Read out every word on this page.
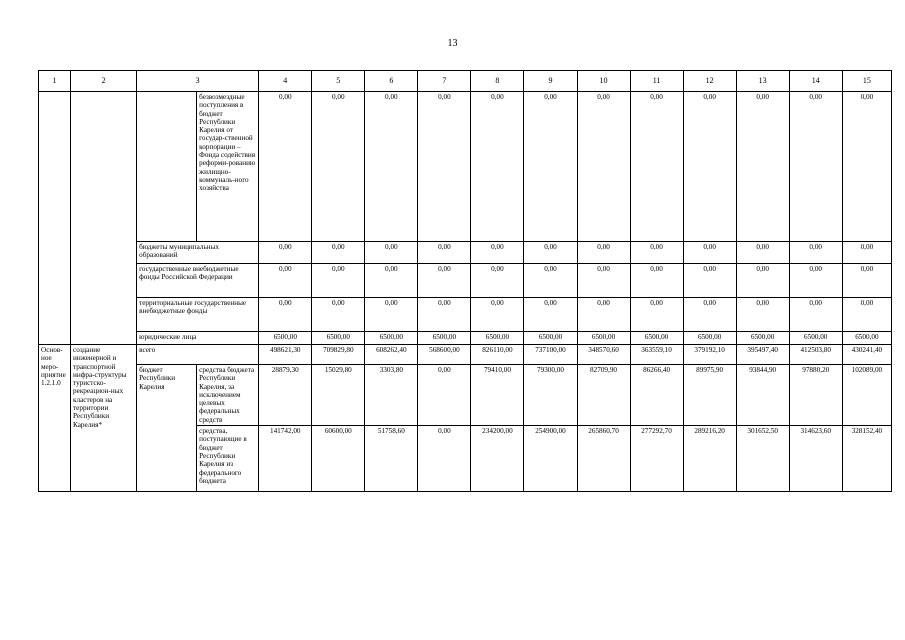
13
1	2	3		4	5	6	7	8	9	10	11	12	13	14	15
			безвозмездные поступления в бюджет Республики Карелия от государ-ственной корпорации – Фонда содействия реформи-рованию жилищно-коммуналь-ного хозяйства	0,00	0,00	0,00	0,00	0,00	0,00	0,00	0,00	0,00	0,00	0,00	0,00
		бюджеты муниципальных образований		0,00	0,00	0,00	0,00	0,00	0,00	0,00	0,00	0,00	0,00	0,00	0,00
		государственные внебюджетные фонды Российской Федерации		0,00	0,00	0,00	0,00	0,00	0,00	0,00	0,00	0,00	0,00	0,00	0,00
		территориальные государственные внебюджетные фонды		0,00	0,00	0,00	0,00	0,00	0,00	0,00	0,00	0,00	0,00	0,00	0,00
		юридические лица		6500,00	6500,00	6500,00	6500,00	6500,00	6500,00	6500,00	6500,00	6500,00	6500,00	6500,00	6500,00
Основ-ное меро-приятие 1.2.1.0	создание инженерной и транспортной инфра-структуры туристско-рекреацион-ных кластеров на территории Республики Карелия*	всего		498621,30	709829,80	608262,40	568600,00	826110,00	737100,00	348570,60	363559,10	379192,10	395497,40	412503,80	430241,40
		бюджет Республики Карелия	средства бюджета Республики Карелия, за исключением целевых федеральных средств	28879,30	15029,80	3303,80	0,00	79410,00	79300,00	82709,90	86266,40	89975,90	93844,90	97880,20	102089,00
			средства, поступающие в бюджет Республики Карелия из федерального бюджета	141742,00	60600,00	51758,60	0,00	234200,00	254900,00	265860,70	277292,70	289216,20	301652,50	314623,60	328152,40
